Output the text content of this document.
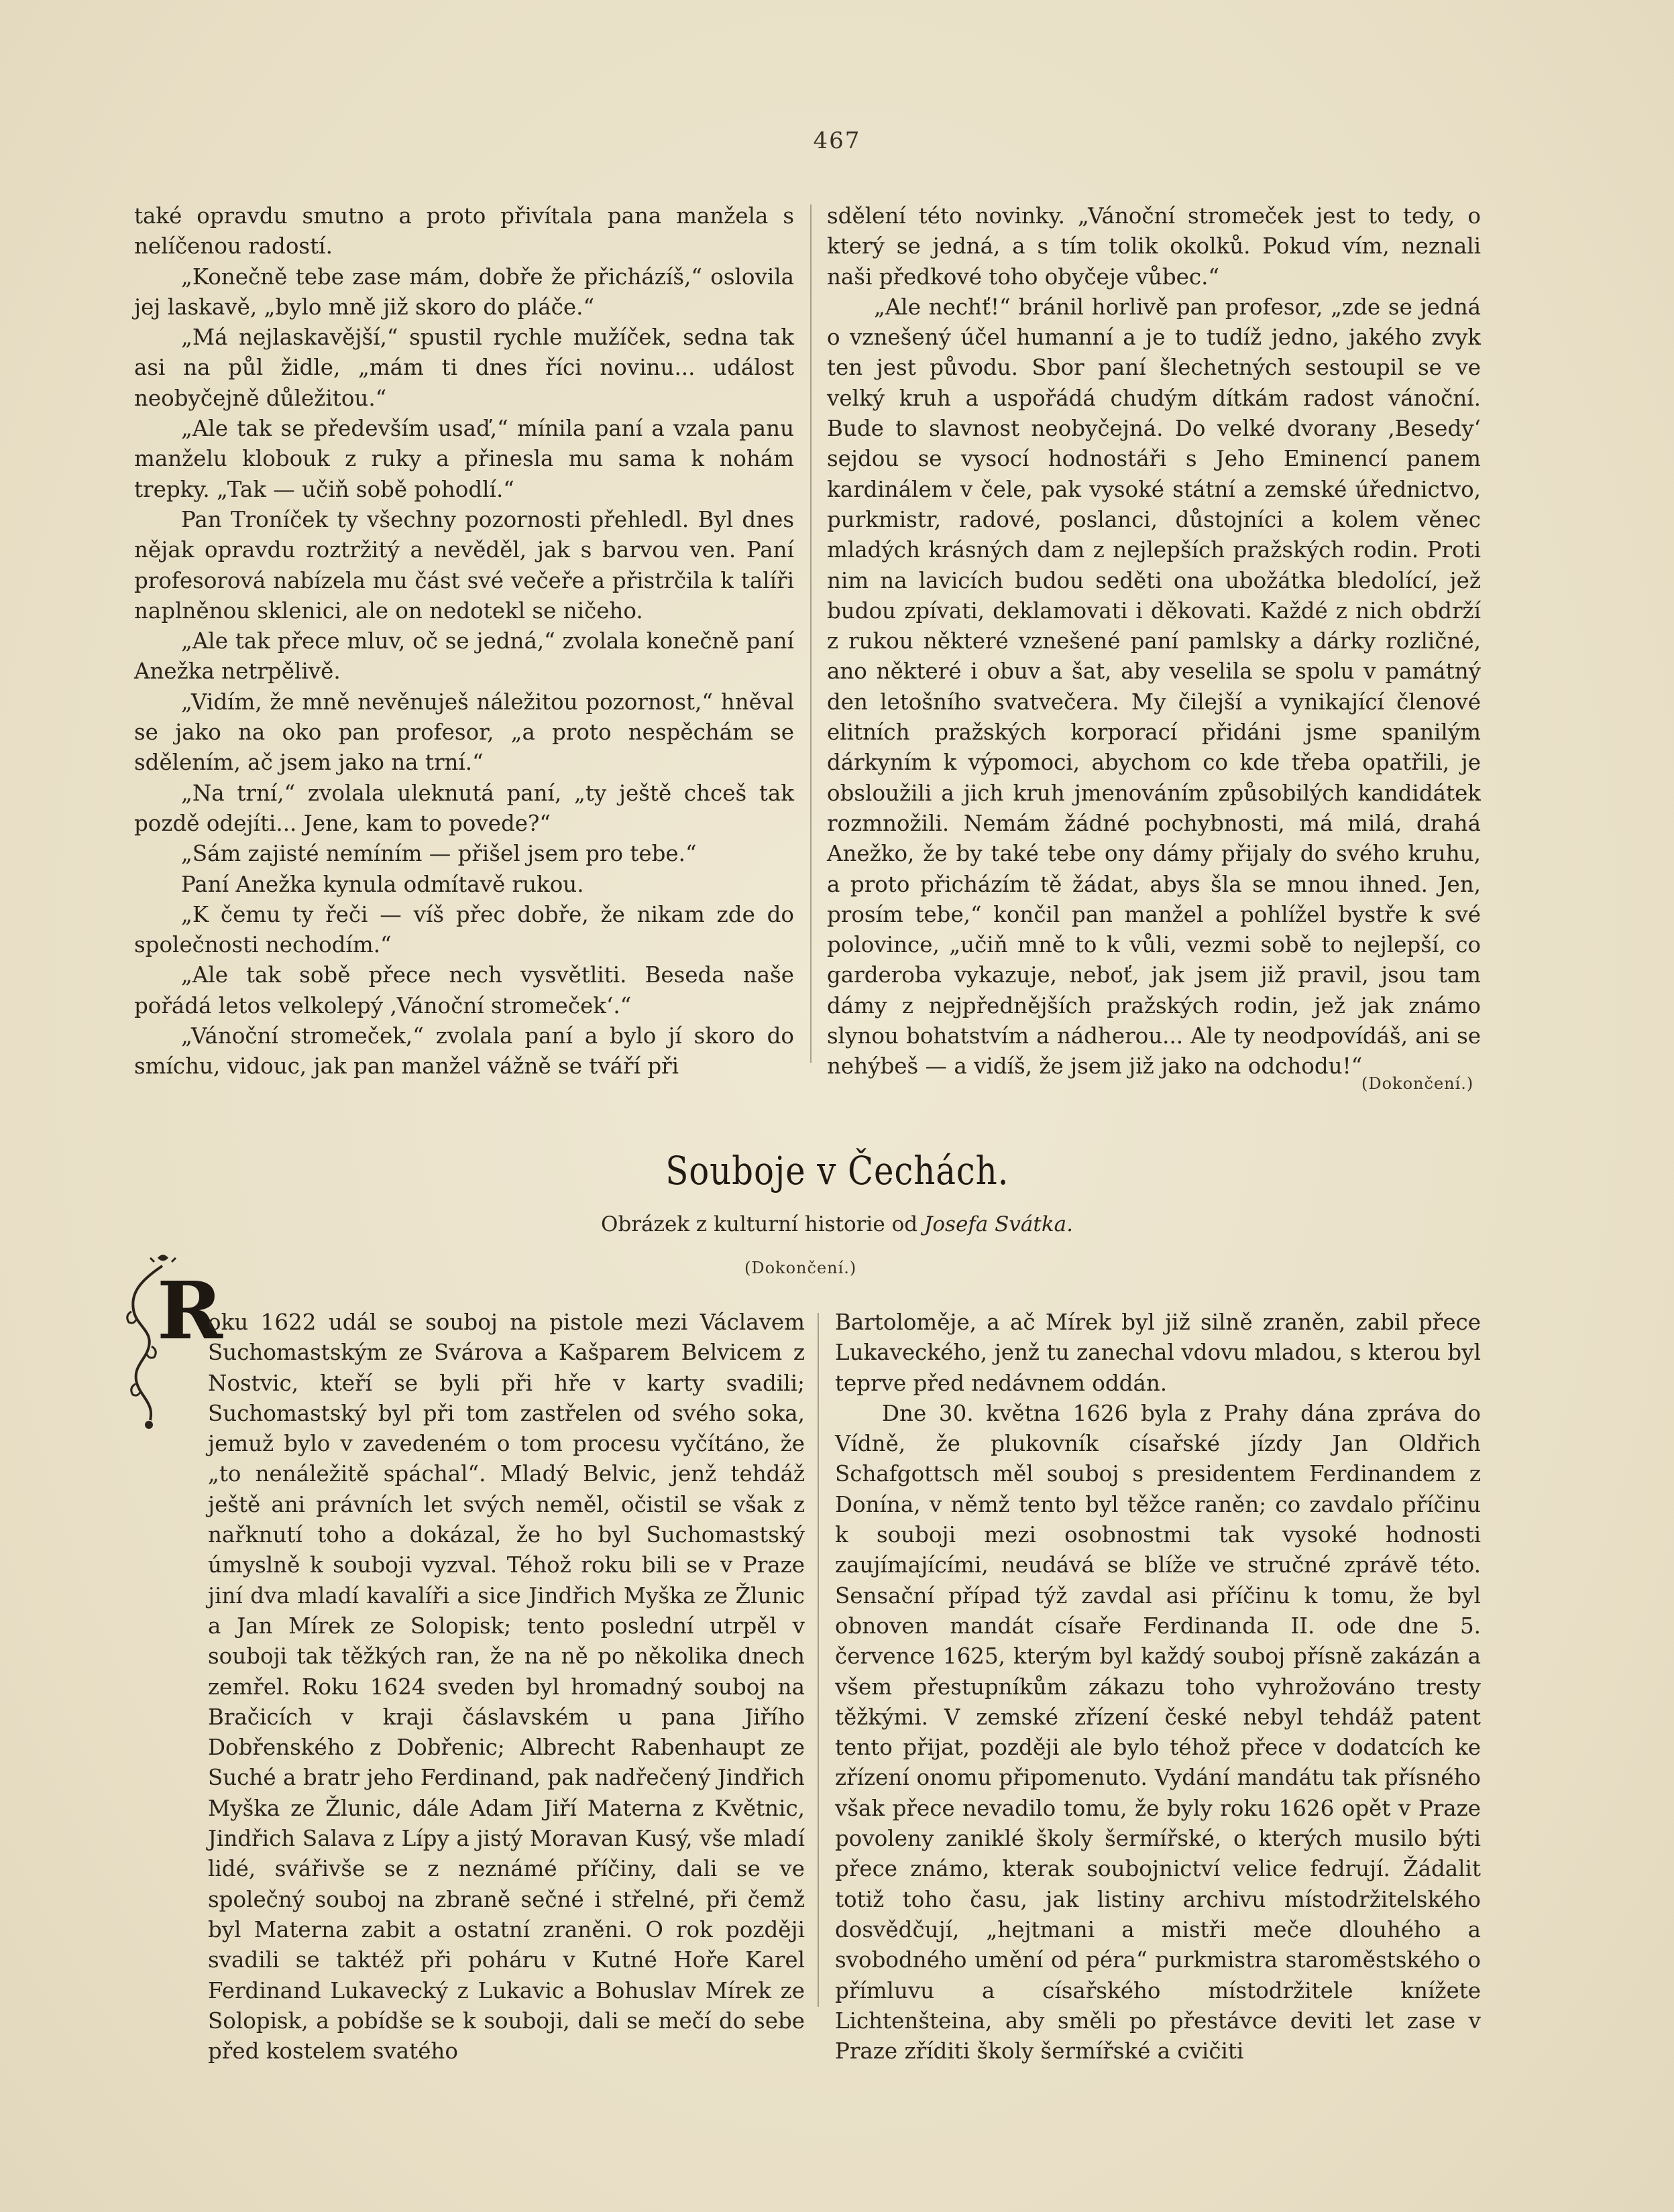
467

také opravdu smutno a proto přivítala pana manžela s nelíčenou radostí.

„Konečně tebe zase mám, dobře že přicházíš,“ oslovila jej laskavě, „bylo mně již skoro do pláče.“

„Má nejlaskavější,“ spustil rychle mužíček, sedna tak asi na půl židle, „mám ti dnes říci novinu... událost neobyčejně důležitou.“

„Ale tak se především usaď,“ mínila paní a vzala panu manželu klobouk z ruky a přinesla mu sama k nohám trepky. „Tak — učiň sobě pohodlí.“

Pan Troníček ty všechny pozornosti přehledl. Byl dnes nějak opravdu roztržitý a nevěděl, jak s barvou ven. Paní profesorová nabízela mu část své večeře a přistrčila k talíři naplněnou sklenici, ale on nedotekl se ničeho.

„Ale tak přece mluv, oč se jedná,“ zvolala konečně paní Anežka netrpělivě.

„Vidím, že mně nevěnuješ náležitou pozornost,“ hněval se jako na oko pan profesor, „a proto nespěchám se sdělením, ač jsem jako na trní.“

„Na trní,“ zvolala uleknutá paní, „ty ještě chceš tak pozdě odejíti... Jene, kam to povede?“

„Sám zajisté nemíním — přišel jsem pro tebe.“

Paní Anežka kynula odmítavě rukou.

„K čemu ty řeči — víš přec dobře, že nikam zde do společnosti nechodím.“

„Ale tak sobě přece nech vysvětliti. Beseda naše pořádá letos velkolepý ‚Vánoční stromeček‘.“

„Vánoční stromeček,“ zvolala paní a bylo jí skoro do smíchu, vidouc, jak pan manžel vážně se tváří při

sdělení této novinky. „Vánoční stromeček jest to tedy, o který se jedná, a s tím tolik okolků. Pokud vím, neznali naši předkové toho obyčeje vůbec.“

„Ale nechť!“ bránil horlivě pan profesor, „zde se jedná o vznešený účel humanní a je to tudíž jedno, jakého zvyk ten jest původu. Sbor paní šlechetných sestoupil se ve velký kruh a uspořádá chudým dítkám radost vánoční. Bude to slavnost neobyčejná. Do velké dvorany ‚Besedy‘ sejdou se vysocí hodnostáři s Jeho Eminencí panem kardinálem v čele, pak vysoké státní a zemské úřednictvo, purkmistr, radové, poslanci, důstojníci a kolem věnec mladých krásných dam z nejlepších pražských rodin. Proti nim na lavicích budou seděti ona ubožátka bledolící, jež budou zpívati, deklamovati i děkovati. Každé z nich obdrží z rukou některé vznešené paní pamlsky a dárky rozličné, ano některé i obuv a šat, aby veselila se spolu v památný den letošního svatvečera. My čilejší a vynikající členové elitních pražských korporací přidáni jsme spanilým dárkyním k výpomoci, abychom co kde třeba opatřili, je obsloužili a jich kruh jmenováním způsobilých kandidátek rozmnožili. Nemám žádné pochybnosti, má milá, drahá Anežko, že by také tebe ony dámy přijaly do svého kruhu, a proto přicházím tě žádat, abys šla se mnou ihned. Jen, prosím tebe,“ končil pan manžel a pohlížel bystře k své polovince, „učiň mně to k vůli, vezmi sobě to nejlepší, co garderoba vykazuje, neboť, jak jsem již pravil, jsou tam dámy z nejpřednějších pražských rodin, jež jak známo slynou bohatstvím a nádherou... Ale ty neodpovídáš, ani se nehýbeš — a vidíš, že jsem již jako na odchodu!“

(Dokončení.)
Souboje v Čechách.
Obrázek z kulturní historie od Josefa Svátka.
(Dokončení.)
R

oku 1622 udál se souboj na pistole mezi Václavem Suchomastským ze Svárova a Kašparem Belvicem z Nostvic, kteří se byli při hře v karty svadili; Suchomastský byl při tom zastřelen od svého soka, jemuž bylo v zavedeném o tom procesu vyčítáno, že „to nenáležitě spáchal“. Mladý Belvic, jenž tehdáž ještě ani právních let svých neměl, očistil se však z nařknutí toho a dokázal, že ho byl Suchomastský úmyslně k souboji vyzval. Téhož roku bili se v Praze jiní dva mladí kavalíři a sice Jindřich Myška ze Žlunic a Jan Mírek ze Solopisk; tento poslední utrpěl v souboji tak těžkých ran, že na ně po několika dnech zemřel. Roku 1624 sveden byl hromadný souboj na Bračicích v kraji čáslavském u pana Jiřího Dobřenského z Dobřenic; Albrecht Rabenhaupt ze Suché a bratr jeho Ferdinand, pak nadřečený Jindřich Myška ze Žlunic, dále Adam Jiří Materna z Květnic, Jindřich Salava z Lípy a jistý Moravan Kusý, vše mladí lidé, svářivše se z neznámé příčiny, dali se ve společný souboj na zbraně sečné i střelné, při čemž byl Materna zabit a ostatní zraněni. O rok později svadili se taktéž při poháru v Kutné Hoře Karel Ferdinand Lukavecký z Lukavic a Bohuslav Mírek ze Solopisk, a pobídše se k souboji, dali se mečí do sebe před kostelem svatého

Bartoloměje, a ač Mírek byl již silně zraněn, zabil přece Lukaveckého, jenž tu zanechal vdovu mladou, s kterou byl teprve před nedávnem oddán.

Dne 30. května 1626 byla z Prahy dána zpráva do Vídně, že plukovník císařské jízdy Jan Oldřich Schafgottsch měl souboj s presidentem Ferdinandem z Donína, v němž tento byl těžce raněn; co zavdalo příčinu k souboji mezi osobnostmi tak vysoké hodnosti zaujímajícími, neudává se blíže ve stručné zprávě této. Sensační případ týž zavdal asi příčinu k tomu, že byl obnoven mandát císaře Ferdinanda II. ode dne 5. července 1625, kterým byl každý souboj přísně zakázán a všem přestupníkům zákazu toho vyhrožováno tresty těžkými. V zemské zřízení české nebyl tehdáž patent tento přijat, později ale bylo téhož přece v dodatcích ke zřízení onomu připomenuto. Vydání mandátu tak přísného však přece nevadilo tomu, že byly roku 1626 opět v Praze povoleny zaniklé školy šermířské, o kterých musilo býti přece známo, kterak soubojnictví velice fedrují. Žádalit totiž toho času, jak listiny archivu místodržitelského dosvědčují, „hejtmani a mistři meče dlouhého a svobodného umění od péra“ purkmistra staroměstského o přímluvu a císařského místodržitele knížete Lichtenšteina, aby směli po přestávce deviti let zase v Praze zříditi školy šermířské a cvičiti
